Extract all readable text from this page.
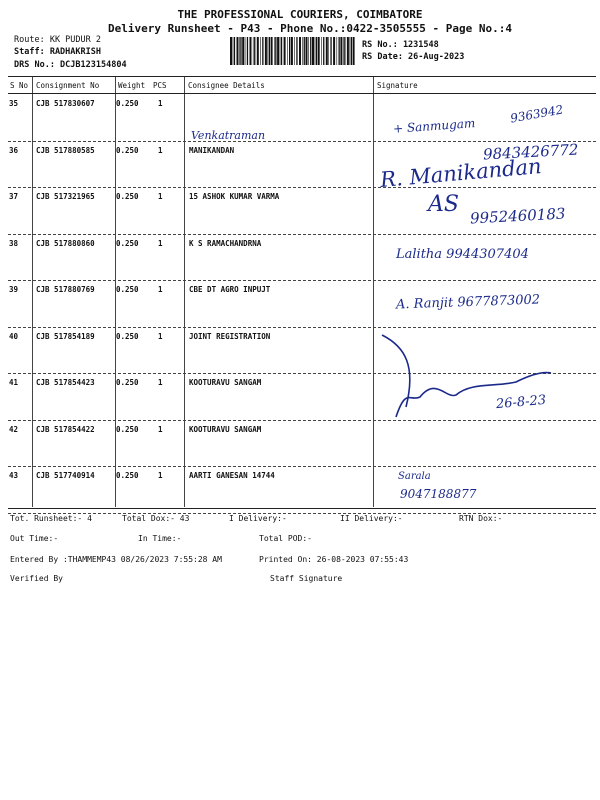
THE PROFESSIONAL COURIERS, COIMBATORE
Delivery Runsheet - P43 - Phone No.:0422-3505555 - Page No.:4
Route: KK PUDUR 2
Staff: RADHAKRISH
DRS No.: DCJB123154804
RS No.: 1231548
RS Date: 26-Aug-2023
S No Consignment No	Weight PCS	Consignee Details	Signature
35 CJB 517830607	0.250	1
36 CJB 517880585	0.250	1	MANIKANDAN
37 CJB 517321965	0.250	1	15 ASHOK KUMAR VARMA
38 CJB 517880860	0.250	1	K S RAMACHANDRNA
39 CJB 517880769	0.250	1	CBE DT AGRO INPUJT
40 CJB 517854189	0.250	1	JOINT REGISTRATION
41 CJB 517854423	0.250	1	KOOTURAVU SANGAM
42 CJB 517854422	0.250	1	KOOTURAVU SANGAM
43 CJB 517740914	0.250	1	AARTI GANESAN 14744
Venkatraman	+ Sanmugam
9363942
9843426772
R. Manikandan
AS 9952460183
Lalitha 9944307404
A. Ranjit 9677873002
26-8-23
Sarala
9047188877
Tot. Runsheet:- 4	Total Dox:- 43	I Delivery:-	II Delivery:-	RTN Dox:-
Out Time:-	In Time:-	Total POD:-
Entered By :THAMMEMP43 08/26/2023 7:55:28 AM	Printed On: 26-08-2023 07:55:43
Verified By	Staff Signature
